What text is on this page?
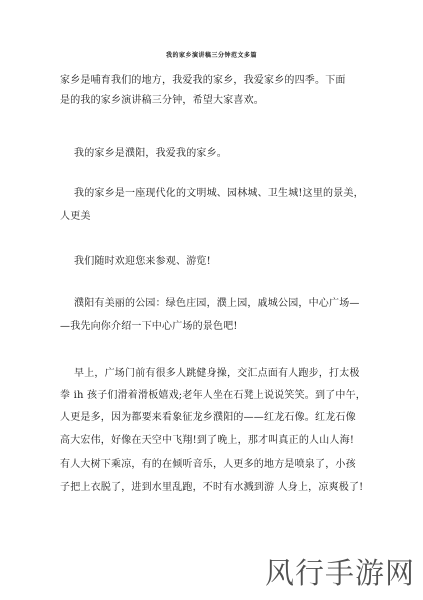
我的家乡演讲稿三分钟范文多篇
家乡是哺育我们的地方，我爱我的家乡，我爱家乡的四季。下面
是的我的家乡演讲稿三分钟，希望大家喜欢。
我的家乡是濮阳，我爱我的家乡。
我的家乡是一座现代化的文明城、园林城、卫生城!这里的景美，
人更美
我们随时欢迎您来参观、游览!
濮阳有美丽的公园：绿色庄园，濮上园，戚城公园，中心广场—
—我先向你介绍一下中心广场的景色吧!
早上，广场门前有很多人跳健身操，交汇点面有人跑步，打太极
拳 ih 孩子们滑着滑板嬉戏;老年人坐在石凳上说说笑笑。到了中午，
人更是多，因为都要来看象征龙乡濮阳的——红龙石像。红龙石像
高大宏伟，好像在天空中飞翔!到了晚上，那才叫真正的人山人海!
有人大树下乘凉，有的在倾听音乐，人更多的地方是喷泉了，小孩
子把上衣脱了，进到水里乱跑，不时有水溅到游 人身上，凉爽极了!
风行手游网
